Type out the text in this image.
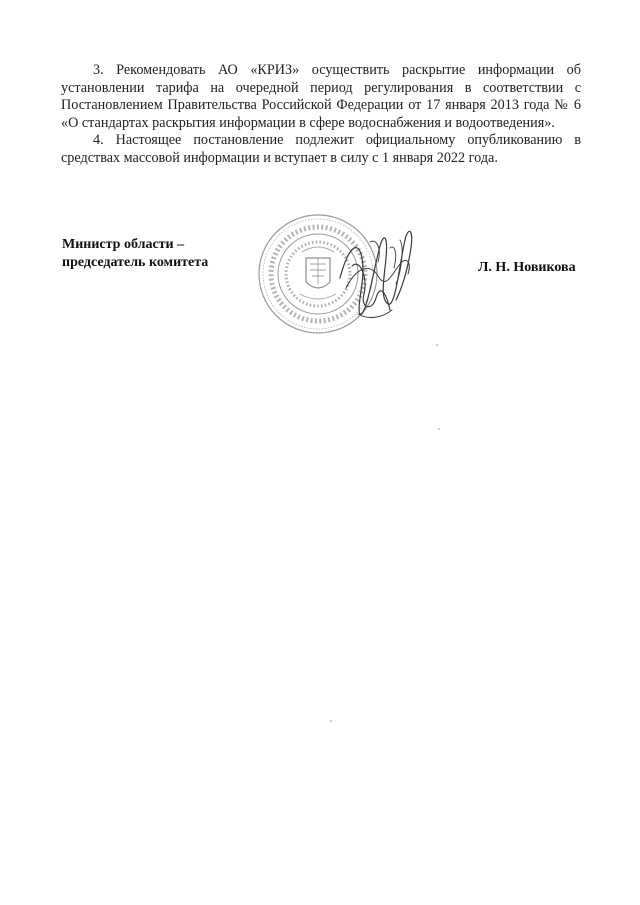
3. Рекомендовать АО «КРИЗ» осуществить раскрытие информации об установлении тарифа на очередной период регулирования в соответствии с Постановлением Правительства Российской Федерации от 17 января 2013 года № 6 «О стандартах раскрытия информации в сфере водоснабжения и водоотведения».

4. Настоящее постановление подлежит официальному опубликованию в средствах массовой информации и вступает в силу с 1 января 2022 года.

Министр области –
председатель комитета	Л. Н. Новикова
